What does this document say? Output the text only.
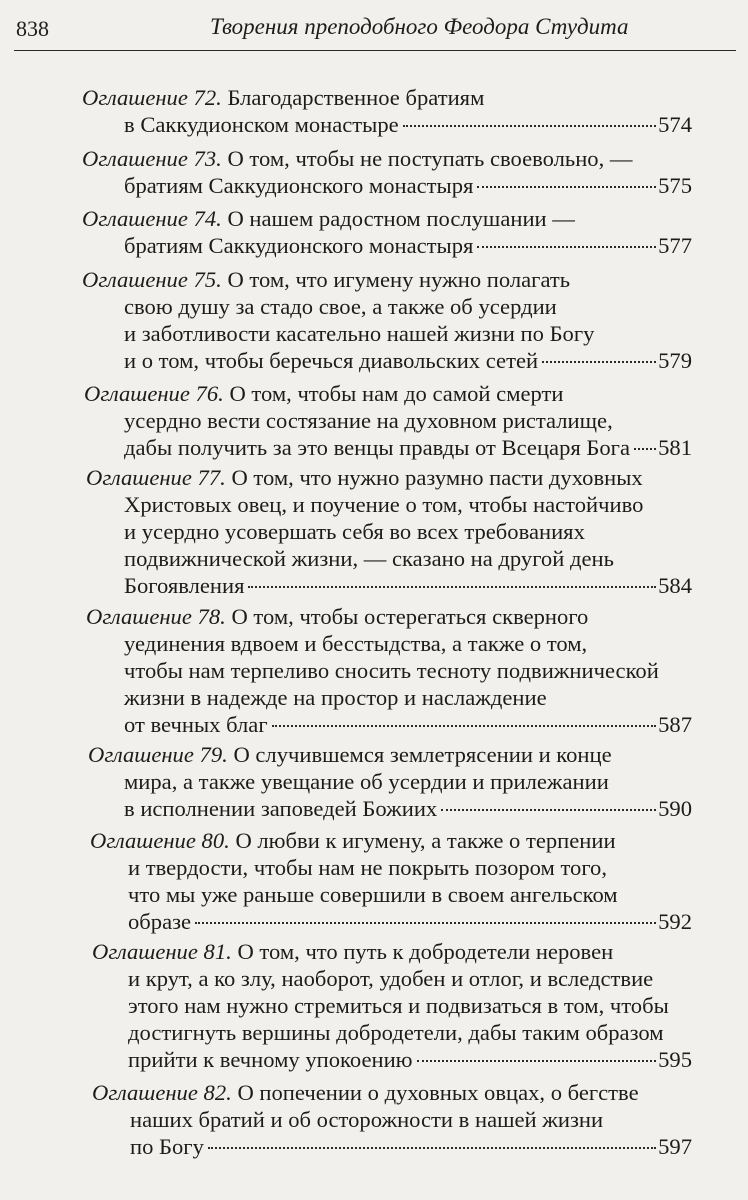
838	Творения преподобного Феодора Студита
Оглашение 72. Благодарственное братиям
в Саккудионском монастыре	574
Оглашение 73. О том, чтобы не поступать своевольно, —
братиям Саккудионского монастыря	575
Оглашение 74. О нашем радостном послушании —
братиям Саккудионского монастыря	577
Оглашение 75. О том, что игумену нужно полагать
свою душу за стадо свое, а также об усердии
и заботливости касательно нашей жизни по Богу
и о том, чтобы беречься диавольских сетей	579
Оглашение 76. О том, чтобы нам до самой смерти
усердно вести состязание на духовном ристалище,
дабы получить за это венцы правды от Всецаря Бога 581
Оглашение 77. О том, что нужно разумно пасти духовных
Христовых овец, и поучение о том, чтобы настойчиво
и усердно усовершать себя во всех требованиях
подвижнической жизни, — сказано на другой день
Богоявления	584
Оглашение 78. О том, чтобы остерегаться скверного
уединения вдвоем и бесстыдства, а также о том,
чтобы нам терпеливо сносить тесноту подвижнической
жизни в надежде на простор и наслаждение
от вечных благ	587
Оглашение 79. О случившемся землетрясении и конце
мира, а также увещание об усердии и прилежании
в исполнении заповедей Божиих	590
Оглашение 80. О любви к игумену, а также о терпении
и твердости, чтобы нам не покрыть позором того,
что мы уже раньше совершили в своем ангельском
образе	592
Оглашение 81. О том, что путь к добродетели неровен
и крут, а ко злу, наоборот, удобен и отлог, и вследствие
этого нам нужно стремиться и подвизаться в том, чтобы
достигнуть вершины добродетели, дабы таким образом
прийти к вечному упокоению	595
Оглашение 82. О попечении о духовных овцах, о бегстве
наших братий и об осторожности в нашей жизни
по Богу	597
